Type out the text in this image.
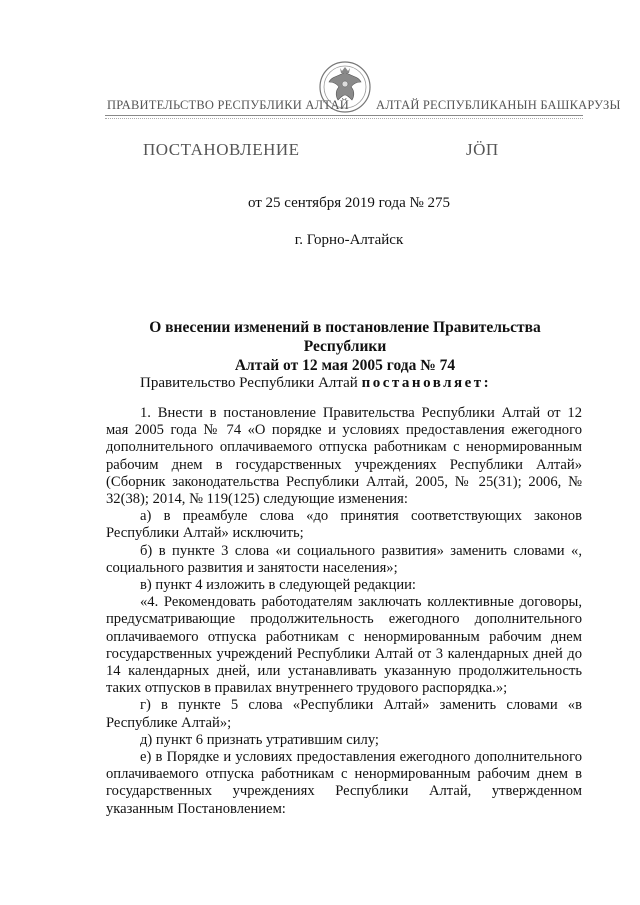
ПРАВИТЕЛЬСТВО РЕСПУБЛИКИ АЛТАЙ АЛТАЙ РЕСПУБЛИКАНЫН БАШКАРУЗЫ
ПОСТАНОВЛЕНИЕ	ЈӦП
от 25 сентября 2019 года № 275
г. Горно-Алтайск
О внесении изменений в постановление Правительства Республики
Алтай от 12 мая 2005 года № 74
Правительство Республики Алтай постановляет:

1. Внести в постановление Правительства Республики Алтай от 12 мая 2005 года № 74 «О порядке и условиях предоставления ежегодного дополнительного оплачиваемого отпуска работникам с ненормированным рабочим днем в государственных учреждениях Республики Алтай» (Сборник законодательства Республики Алтай, 2005, № 25(31); 2006, № 32(38); 2014, № 119(125) следующие изменения:

а) в преамбуле слова «до принятия соответствующих законов Республики Алтай» исключить;

б) в пункте 3 слова «и социального развития» заменить словами «, социального развития и занятости населения»;

в) пункт 4 изложить в следующей редакции:

«4. Рекомендовать работодателям заключать коллективные договоры, предусматривающие продолжительность ежегодного дополнительного оплачиваемого отпуска работникам с ненормированным рабочим днем государственных учреждений Республики Алтай от 3 календарных дней до 14 календарных дней, или устанавливать указанную продолжительность таких отпусков в правилах внутреннего трудового распорядка.»;

г) в пункте 5 слова «Республики Алтай» заменить словами «в Республике Алтай»;

д) пункт 6 признать утратившим силу;

е) в Порядке и условиях предоставления ежегодного дополнительного оплачиваемого отпуска работникам с ненормированным рабочим днем в государственных учреждениях Республики Алтай, утвержденном указанным Постановлением:
